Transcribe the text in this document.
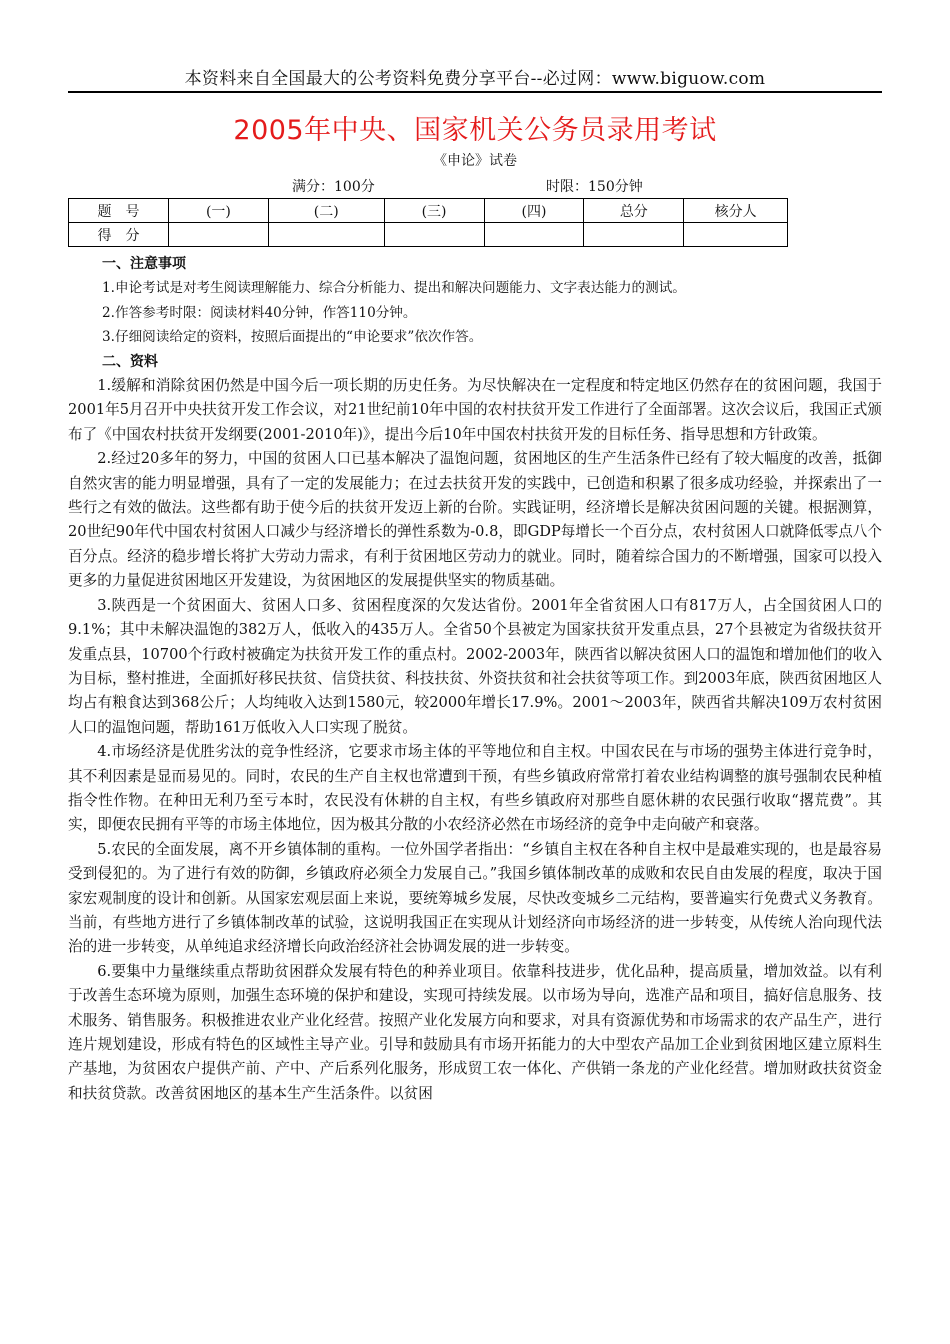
本资料来自全国最大的公考资料免费分享平台--必过网：www.biguow.com
2005年中央、国家机关公务员录用考试
《申论》试卷
满分：100分	时限：150分钟
题　号	(一)	(二)	(三)	(四)	总分	核分人
得　分						
一、注意事项
1.申论考试是对考生阅读理解能力、综合分析能力、提出和解决问题能力、文字表达能力的测试。
2.作答参考时限：阅读材料40分钟，作答110分钟。
3.仔细阅读给定的资料，按照后面提出的“申论要求”依次作答。
二、资料
1.缓解和消除贫困仍然是中国今后一项长期的历史任务。为尽快解决在一定程度和特定地区仍然存在的贫困问题，我国于2001年5月召开中央扶贫开发工作会议，对21世纪前10年中国的农村扶贫开发工作进行了全面部署。这次会议后，我国正式颁布了《中国农村扶贫开发纲要(2001-2010年)》，提出今后10年中国农村扶贫开发的目标任务、指导思想和方针政策。
2.经过20多年的努力，中国的贫困人口已基本解决了温饱问题，贫困地区的生产生活条件已经有了较大幅度的改善，抵御自然灾害的能力明显增强，具有了一定的发展能力；在过去扶贫开发的实践中，已创造和积累了很多成功经验，并探索出了一些行之有效的做法。这些都有助于使今后的扶贫开发迈上新的台阶。实践证明，经济增长是解决贫困问题的关键。根据测算，20世纪90年代中国农村贫困人口减少与经济增长的弹性系数为-0.8，即GDP每增长一个百分点，农村贫困人口就降低零点八个百分点。经济的稳步增长将扩大劳动力需求，有利于贫困地区劳动力的就业。同时，随着综合国力的不断增强，国家可以投入更多的力量促进贫困地区开发建设，为贫困地区的发展提供坚实的物质基础。
3.陕西是一个贫困面大、贫困人口多、贫困程度深的欠发达省份。2001年全省贫困人口有817万人，占全国贫困人口的9.1%；其中未解决温饱的382万人，低收入的435万人。全省50个县被定为国家扶贫开发重点县，27个县被定为省级扶贫开发重点县，10700个行政村被确定为扶贫开发工作的重点村。2002-2003年，陕西省以解决贫困人口的温饱和增加他们的收入为目标，整村推进，全面抓好移民扶贫、信贷扶贫、科技扶贫、外资扶贫和社会扶贫等项工作。到2003年底，陕西贫困地区人均占有粮食达到368公斤；人均纯收入达到1580元，较2000年增长17.9%。2001～2003年，陕西省共解决109万农村贫困人口的温饱问题，帮助161万低收入人口实现了脱贫。
4.市场经济是优胜劣汰的竞争性经济，它要求市场主体的平等地位和自主权。中国农民在与市场的强势主体进行竞争时，其不利因素是显而易见的。同时，农民的生产自主权也常遭到干预，有些乡镇政府常常打着农业结构调整的旗号强制农民种植指令性作物。在种田无利乃至亏本时，农民没有休耕的自主权，有些乡镇政府对那些自愿休耕的农民强行收取“撂荒费”。其实，即便农民拥有平等的市场主体地位，因为极其分散的小农经济必然在市场经济的竞争中走向破产和衰落。
5.农民的全面发展，离不开乡镇体制的重构。一位外国学者指出：“乡镇自主权在各种自主权中是最难实现的，也是最容易受到侵犯的。为了进行有效的防御，乡镇政府必须全力发展自己。”我国乡镇体制改革的成败和农民自由发展的程度，取决于国家宏观制度的设计和创新。从国家宏观层面上来说，要统筹城乡发展，尽快改变城乡二元结构，要普遍实行免费式义务教育。当前，有些地方进行了乡镇体制改革的试验，这说明我国正在实现从计划经济向市场经济的进一步转变，从传统人治向现代法治的进一步转变，从单纯追求经济增长向政治经济社会协调发展的进一步转变。
6.要集中力量继续重点帮助贫困群众发展有特色的种养业项目。依靠科技进步，优化品种，提高质量，增加效益。以有利于改善生态环境为原则，加强生态环境的保护和建设，实现可持续发展。以市场为导向，选准产品和项目，搞好信息服务、技术服务、销售服务。积极推进农业产业化经营。按照产业化发展方向和要求，对具有资源优势和市场需求的农产品生产，进行连片规划建设，形成有特色的区域性主导产业。引导和鼓励具有市场开拓能力的大中型农产品加工企业到贫困地区建立原料生产基地，为贫困农户提供产前、产中、产后系列化服务，形成贸工农一体化、产供销一条龙的产业化经营。增加财政扶贫资金和扶贫贷款。改善贫困地区的基本生产生活条件。以贫困
